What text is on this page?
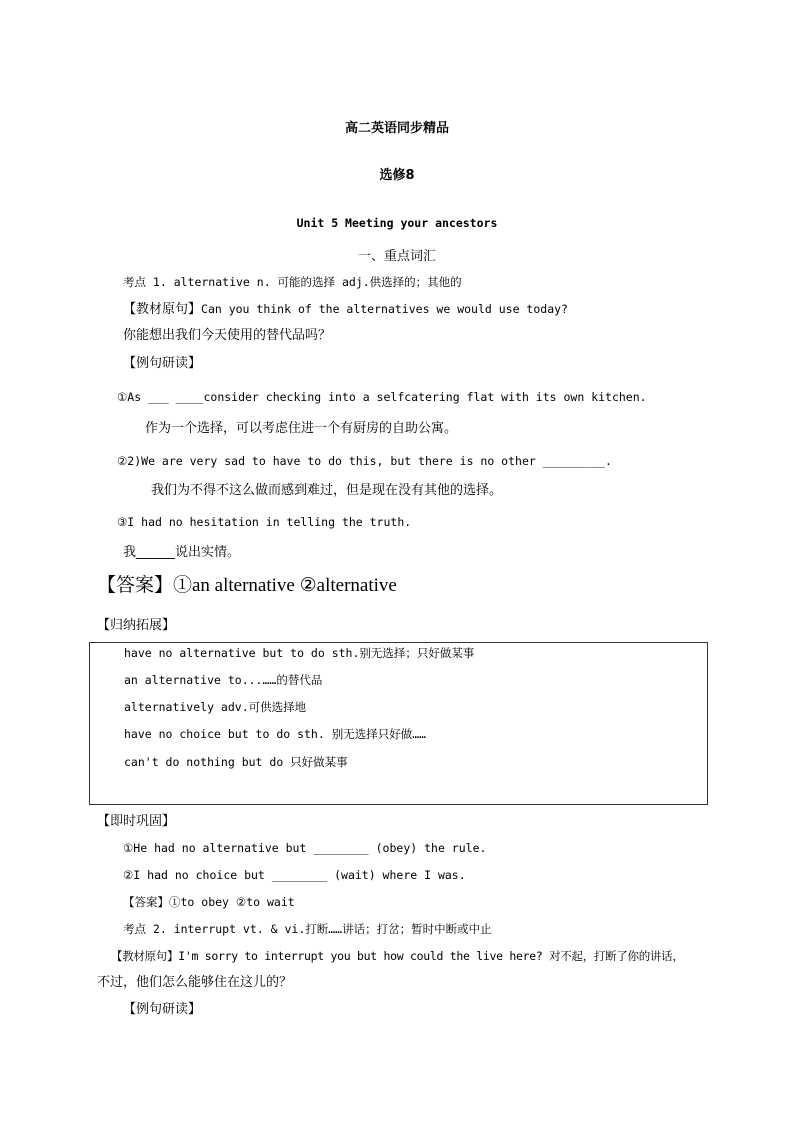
高二英语同步精品
选修8
Unit 5 Meeting your ancestors
一、重点词汇
考点 1. alternative n. 可能的选择 adj.供选择的；其他的
【教材原句】Can you think of the alternatives we would use today?
你能想出我们今天使用的替代品吗？
【例句研读】
①As ___ ____consider checking into a selfcatering flat with its own kitchen.
作为一个选择，可以考虑住进一个有厨房的自助公寓。
②2)We are very sad to have to do this, but there is no other _________.
我们为不得不这么做而感到难过，但是现在没有其他的选择。
③I had no hesitation in telling the truth.
我______说出实情。
【答案】①an alternative ②alternative
【归纳拓展】
have no alternative but to do sth.别无选择；只好做某事
an alternative to...……的替代品
alternatively adv.可供选择地
have no choice but to do sth. 别无选择只好做……
can't do nothing but do 只好做某事
【即时巩固】
①He had no alternative but ________ (obey) the rule.
②I had no choice but ________ (wait) where I was.
【答案】①to obey ②to wait
考点 2. interrupt vt. & vi.打断……讲话；打岔；暂时中断或中止
【教材原句】I'm sorry to interrupt you but how could the live here? 对不起，打断了你的讲话，
不过，他们怎么能够住在这儿的？
【例句研读】
